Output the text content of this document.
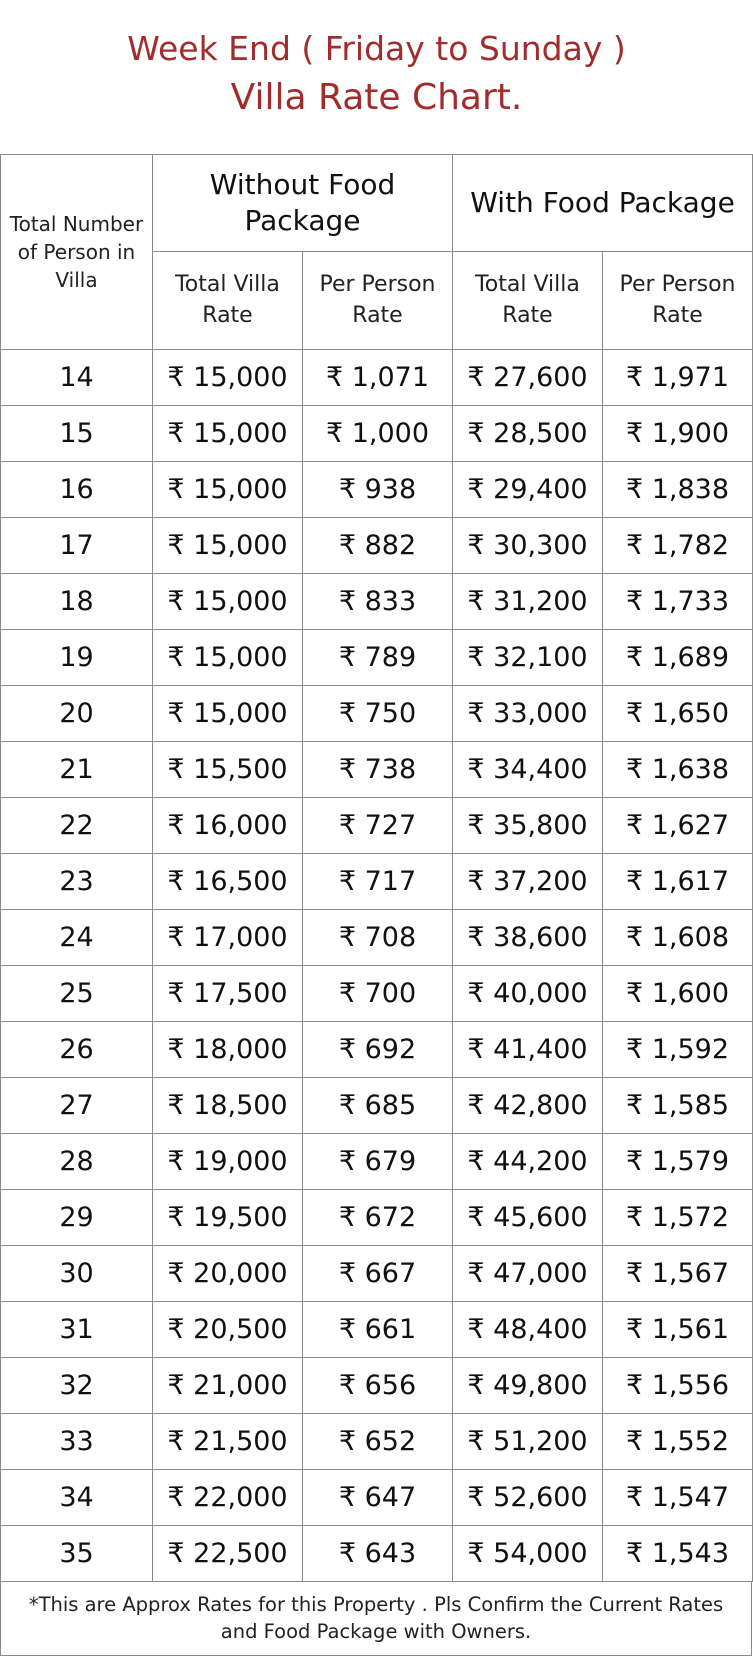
Week End ( Friday to Sunday )
Villa Rate Chart.
Total Number of Person in Villa	Without Food Package		With Food Package	
	Total Villa Rate	Per Person Rate	Total Villa Rate	Per Person Rate
14	₹ 15,000	₹ 1,071	₹ 27,600	₹ 1,971
15	₹ 15,000	₹ 1,000	₹ 28,500	₹ 1,900
16	₹ 15,000	₹ 938	₹ 29,400	₹ 1,838
17	₹ 15,000	₹ 882	₹ 30,300	₹ 1,782
18	₹ 15,000	₹ 833	₹ 31,200	₹ 1,733
19	₹ 15,000	₹ 789	₹ 32,100	₹ 1,689
20	₹ 15,000	₹ 750	₹ 33,000	₹ 1,650
21	₹ 15,500	₹ 738	₹ 34,400	₹ 1,638
22	₹ 16,000	₹ 727	₹ 35,800	₹ 1,627
23	₹ 16,500	₹ 717	₹ 37,200	₹ 1,617
24	₹ 17,000	₹ 708	₹ 38,600	₹ 1,608
25	₹ 17,500	₹ 700	₹ 40,000	₹ 1,600
26	₹ 18,000	₹ 692	₹ 41,400	₹ 1,592
27	₹ 18,500	₹ 685	₹ 42,800	₹ 1,585
28	₹ 19,000	₹ 679	₹ 44,200	₹ 1,579
29	₹ 19,500	₹ 672	₹ 45,600	₹ 1,572
30	₹ 20,000	₹ 667	₹ 47,000	₹ 1,567
31	₹ 20,500	₹ 661	₹ 48,400	₹ 1,561
32	₹ 21,000	₹ 656	₹ 49,800	₹ 1,556
33	₹ 21,500	₹ 652	₹ 51,200	₹ 1,552
34	₹ 22,000	₹ 647	₹ 52,600	₹ 1,547
35	₹ 22,500	₹ 643	₹ 54,000	₹ 1,543
*This are Approx Rates for this Property . Pls Confirm the Current Rates
and Food Package with Owners.
